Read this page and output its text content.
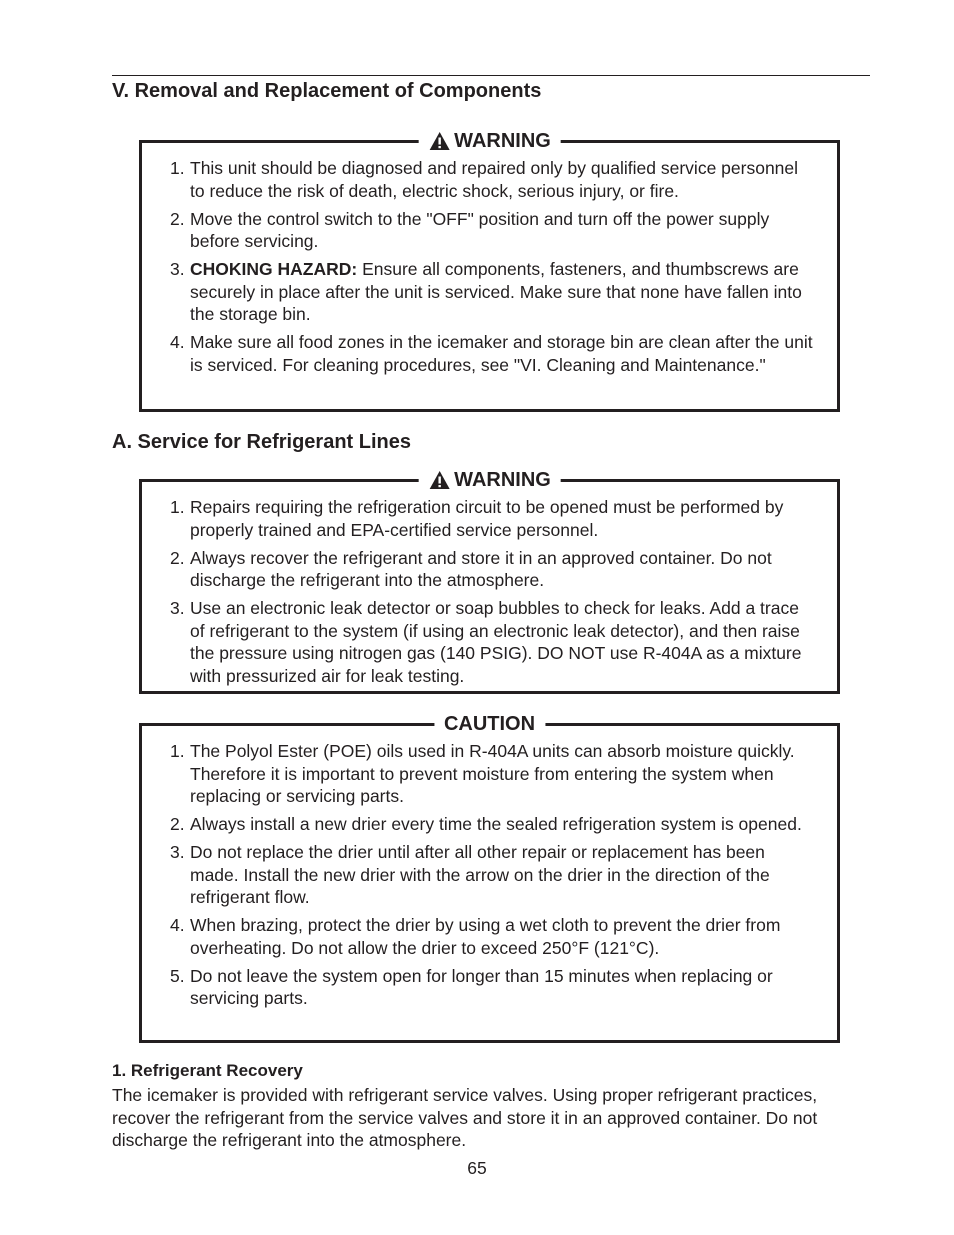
V. Removal and Replacement of Components
WARNING
1. This unit should be diagnosed and repaired only by qualified service personnel to reduce the risk of death, electric shock, serious injury, or fire.
2. Move the control switch to the "OFF" position and turn off the power supply before servicing.
3. CHOKING HAZARD: Ensure all components, fasteners, and thumbscrews are securely in place after the unit is serviced. Make sure that none have fallen into the storage bin.
4. Make sure all food zones in the icemaker and storage bin are clean after the unit is serviced. For cleaning procedures, see "VI. Cleaning and Maintenance."
A. Service for Refrigerant Lines
WARNING
1. Repairs requiring the refrigeration circuit to be opened must be performed by properly trained and EPA-certified service personnel.
2. Always recover the refrigerant and store it in an approved container. Do not discharge the refrigerant into the atmosphere.
3. Use an electronic leak detector or soap bubbles to check for leaks. Add a trace of refrigerant to the system (if using an electronic leak detector), and then raise the pressure using nitrogen gas (140 PSIG). DO NOT use R-404A as a mixture with pressurized air for leak testing.
CAUTION
1. The Polyol Ester (POE) oils used in R-404A units can absorb moisture quickly. Therefore it is important to prevent moisture from entering the system when replacing or servicing parts.
2. Always install a new drier every time the sealed refrigeration system is opened.
3. Do not replace the drier until after all other repair or replacement has been made. Install the new drier with the arrow on the drier in the direction of the refrigerant flow.
4. When brazing, protect the drier by using a wet cloth to prevent the drier from overheating. Do not allow the drier to exceed 250°F (121°C).
5. Do not leave the system open for longer than 15 minutes when replacing or servicing parts.
1. Refrigerant Recovery

The icemaker is provided with refrigerant service valves. Using proper refrigerant practices, recover the refrigerant from the service valves and store it in an approved container. Do not discharge the refrigerant into the atmosphere.

65
